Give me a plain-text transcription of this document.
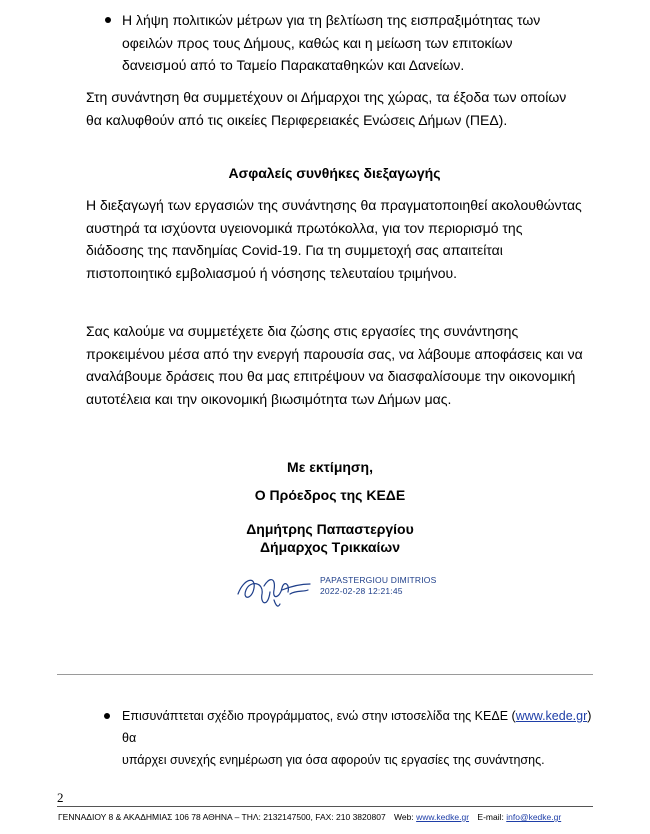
Η λήψη πολιτικών μέτρων για τη βελτίωση της εισπραξιμότητας των
οφειλών προς τους Δήμους, καθώς και η μείωση των επιτοκίων
δανεισμού από το Ταμείο Παρακαταθηκών και Δανείων.
Στη συνάντηση θα συμμετέχουν οι Δήμαρχοι της χώρας, τα έξοδα των οποίων
θα καλυφθούν από τις οικείες Περιφερειακές Ενώσεις Δήμων (ΠΕΔ).
Ασφαλείς συνθήκες διεξαγωγής
Η διεξαγωγή των εργασιών της συνάντησης θα πραγματοποιηθεί ακολουθώντας
αυστηρά τα ισχύοντα υγειονομικά πρωτόκολλα, για τον περιορισμό της
διάδοσης της πανδημίας Covid-19. Για τη συμμετοχή σας απαιτείται
πιστοποιητικό εμβολιασμού ή νόσησης τελευταίου τριμήνου.
Σας καλούμε να συμμετέχετε δια ζώσης στις εργασίες της συνάντησης
προκειμένου μέσα από την ενεργή παρουσία σας, να λάβουμε αποφάσεις και να
αναλάβουμε δράσεις που θα μας επιτρέψουν να διασφαλίσουμε την οικονομική
αυτοτέλεια και την οικονομική βιωσιμότητα των Δήμων μας.
Με εκτίμηση,
Ο Πρόεδρος της ΚΕΔΕ
Δημήτρης Παπαστεργίου
Δήμαρχος Τρικκαίων
PAPASTERGIOU DIMITRIOS
2022-02-28 12:21:45
Επισυνάπτεται σχέδιο προγράμματος, ενώ στην ιστοσελίδα της ΚΕΔΕ (www.kede.gr) θα
υπάρχει συνεχής ενημέρωση για όσα αφορούν τις εργασίες της συνάντησης.
2
ΓΕΝΝΑΔΙΟΥ 8 & ΑΚΑΔΗΜΙΑΣ 106 78 ΑΘΗΝΑ – ΤΗΛ: 2132147500, FAX: 210 3820807 Web: www.kedke.gr E-mail: info@kedke.gr
